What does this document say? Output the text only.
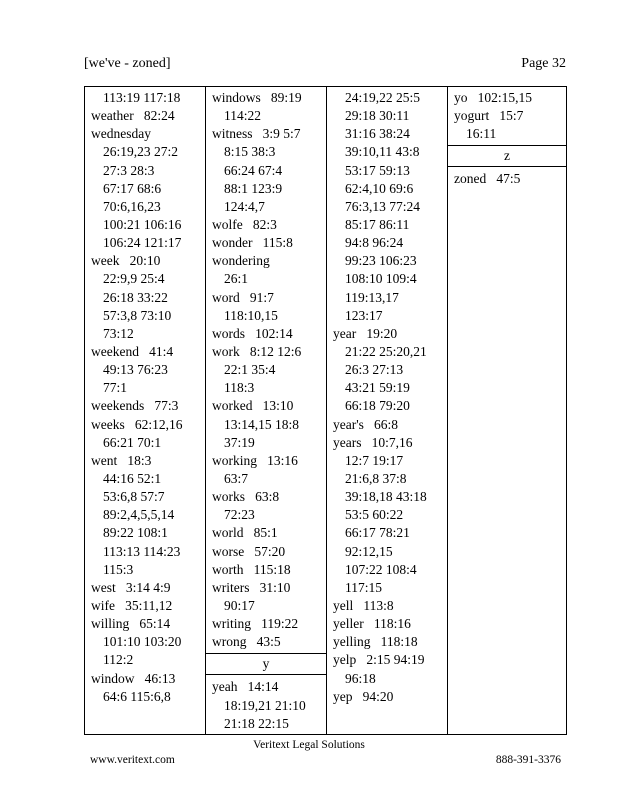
[we've - zoned]	Page 32
113:19 117:18
weather   82:24
wednesday
26:19,23 27:2
27:3 28:3
67:17 68:6
70:6,16,23
100:21 106:16
106:24 121:17
week   20:10
22:9,9 25:4
26:18 33:22
57:3,8 73:10
73:12
weekend   41:4
49:13 76:23
77:1
weekends   77:3
weeks   62:12,16
66:21 70:1
went   18:3
44:16 52:1
53:6,8 57:7
89:2,4,5,5,14
89:22 108:1
113:13 114:23
115:3
west   3:14 4:9
wife   35:11,12
willing   65:14
101:10 103:20
112:2
window   46:13
64:6 115:6,8
windows   89:19
114:22
witness   3:9 5:7
8:15 38:3
66:24 67:4
88:1 123:9
124:4,7
wolfe   82:3
wonder   115:8
wondering
26:1
word   91:7
118:10,15
words   102:14
work   8:12 12:6
22:1 35:4
118:3
worked   13:10
13:14,15 18:8
37:19
working   13:16
63:7
works   63:8
72:23
world   85:1
worse   57:20
worth   115:18
writers   31:10
90:17
writing   119:22
wrong   43:5
y
yeah   14:14
18:19,21 21:10
21:18 22:15
24:19,22 25:5
29:18 30:11
31:16 38:24
39:10,11 43:8
53:17 59:13
62:4,10 69:6
76:3,13 77:24
85:17 86:11
94:8 96:24
99:23 106:23
108:10 109:4
119:13,17
123:17
year   19:20
21:22 25:20,21
26:3 27:13
43:21 59:19
66:18 79:20
year's   66:8
years   10:7,16
12:7 19:17
21:6,8 37:8
39:18,18 43:18
53:5 60:22
66:17 78:21
92:12,15
107:22 108:4
117:15
yell   113:8
yeller   118:16
yelling   118:18
yelp   2:15 94:19
96:18
yep   94:20
yo   102:15,15
yogurt   15:7
16:11
z
zoned   47:5
Veritext Legal Solutions
www.veritext.com	888-391-3376
